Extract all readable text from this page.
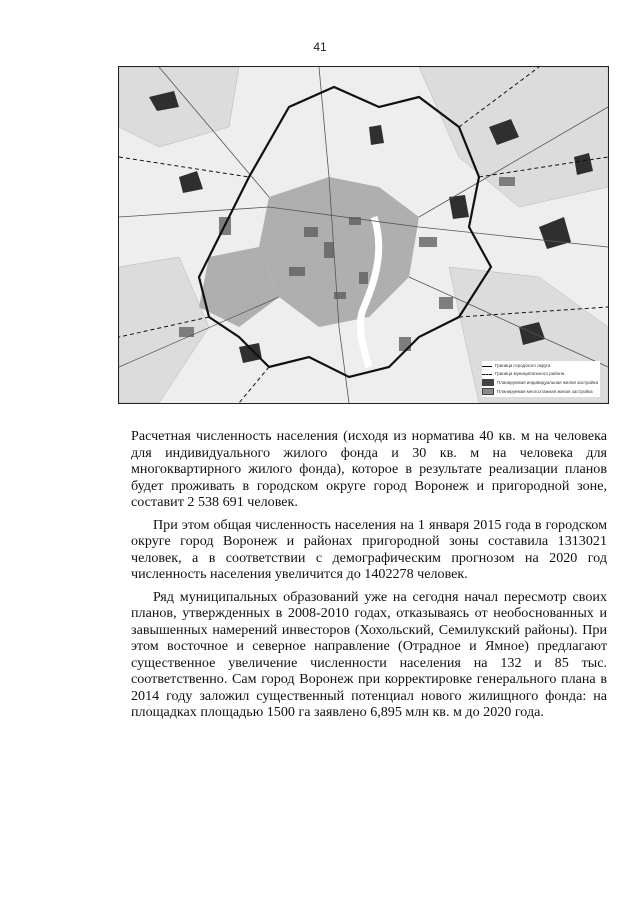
41
Граница городского округа
Граница муниципального района
Планируемая индивидуальная жилая застройка
Планируемая многоэтажная жилая застройка

Расчетная численность населения (исходя из норматива 40 кв. м на человека для индивидуального жилого фонда и 30 кв. м на человека для многоквартирного жилого фонда), которое в результате реализации планов будет проживать в городском округе город Воронеж и пригородной зоне, составит 2 538 691 человек.

При этом общая численность населения на 1 января 2015 года в городском округе город Воронеж и районах пригородной зоны составила 1313021 человек, а в соответствии с демографическим прогнозом на 2020 год численность населения увеличится до 1402278 человек.

Ряд муниципальных образований уже на сегодня начал пересмотр своих планов, утвержденных в 2008-2010 годах, отказываясь от необоснованных и завышенных намерений инвесторов (Хохольский, Семилукский районы). При этом восточное и северное направление (Отрадное и Ямное) предлагают существенное увеличение численности населения на 132 и 85 тыс. соответственно. Сам город Воронеж при корректировке генерального плана в 2014 году заложил существенный потенциал нового жилищного фонда: на площадках площадью 1500 га заявлено 6,895 млн кв. м до 2020 года.
